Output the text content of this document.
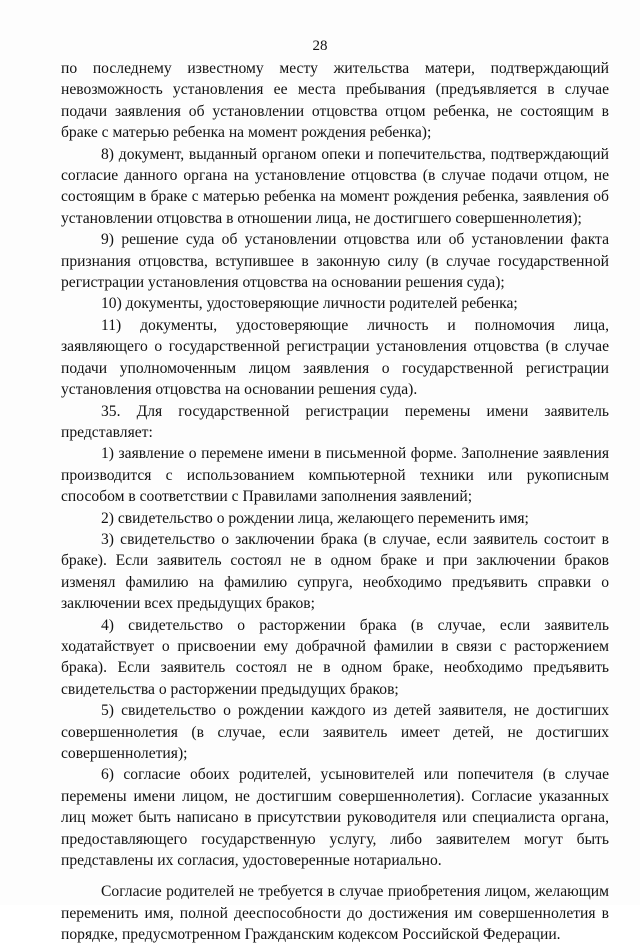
28

по последнему известному месту жительства матери, подтверждающий невозможность установления ее места пребывания (предъявляется в случае подачи заявления об установлении отцовства отцом ребенка, не состоящим в браке с матерью ребенка на момент рождения ребенка);

8) документ, выданный органом опеки и попечительства, подтверждающий согласие данного органа на установление отцовства (в случае подачи отцом, не состоящим в браке с матерью ребенка на момент рождения ребенка, заявления об установлении отцовства в отношении лица, не достигшего совершеннолетия);

9) решение суда об установлении отцовства или об установлении факта признания отцовства, вступившее в законную силу (в случае государственной регистрации установления отцовства на основании решения суда);

10) документы, удостоверяющие личности родителей ребенка;

11) документы, удостоверяющие личность и полномочия лица, заявляющего о государственной регистрации установления отцовства (в случае подачи уполномоченным лицом заявления о государственной регистрации установления отцовства на основании решения суда).

35. Для государственной регистрации перемены имени заявитель представляет:

1) заявление о перемене имени в письменной форме. Заполнение заявления производится с использованием компьютерной техники или рукописным способом в соответствии с Правилами заполнения заявлений;

2) свидетельство о рождении лица, желающего переменить имя;

3) свидетельство о заключении брака (в случае, если заявитель состоит в браке). Если заявитель состоял не в одном браке и при заключении браков изменял фамилию на фамилию супруга, необходимо предъявить справки о заключении всех предыдущих браков;

4) свидетельство о расторжении брака (в случае, если заявитель ходатайствует о присвоении ему добрачной фамилии в связи с расторжением брака). Если заявитель состоял не в одном браке, необходимо предъявить свидетельства о расторжении предыдущих браков;

5) свидетельство о рождении каждого из детей заявителя, не достигших совершеннолетия (в случае, если заявитель имеет детей, не достигших совершеннолетия);

6) согласие обоих родителей, усыновителей или попечителя (в случае перемены имени лицом, не достигшим совершеннолетия). Согласие указанных лиц может быть написано в присутствии руководителя или специалиста органа, предоставляющего государственную услугу, либо заявителем могут быть представлены их согласия, удостоверенные нотариально.

Согласие родителей не требуется в случае приобретения лицом, желающим переменить имя, полной дееспособности до достижения им совершеннолетия в порядке, предусмотренном Гражданским кодексом Российской Федерации.
